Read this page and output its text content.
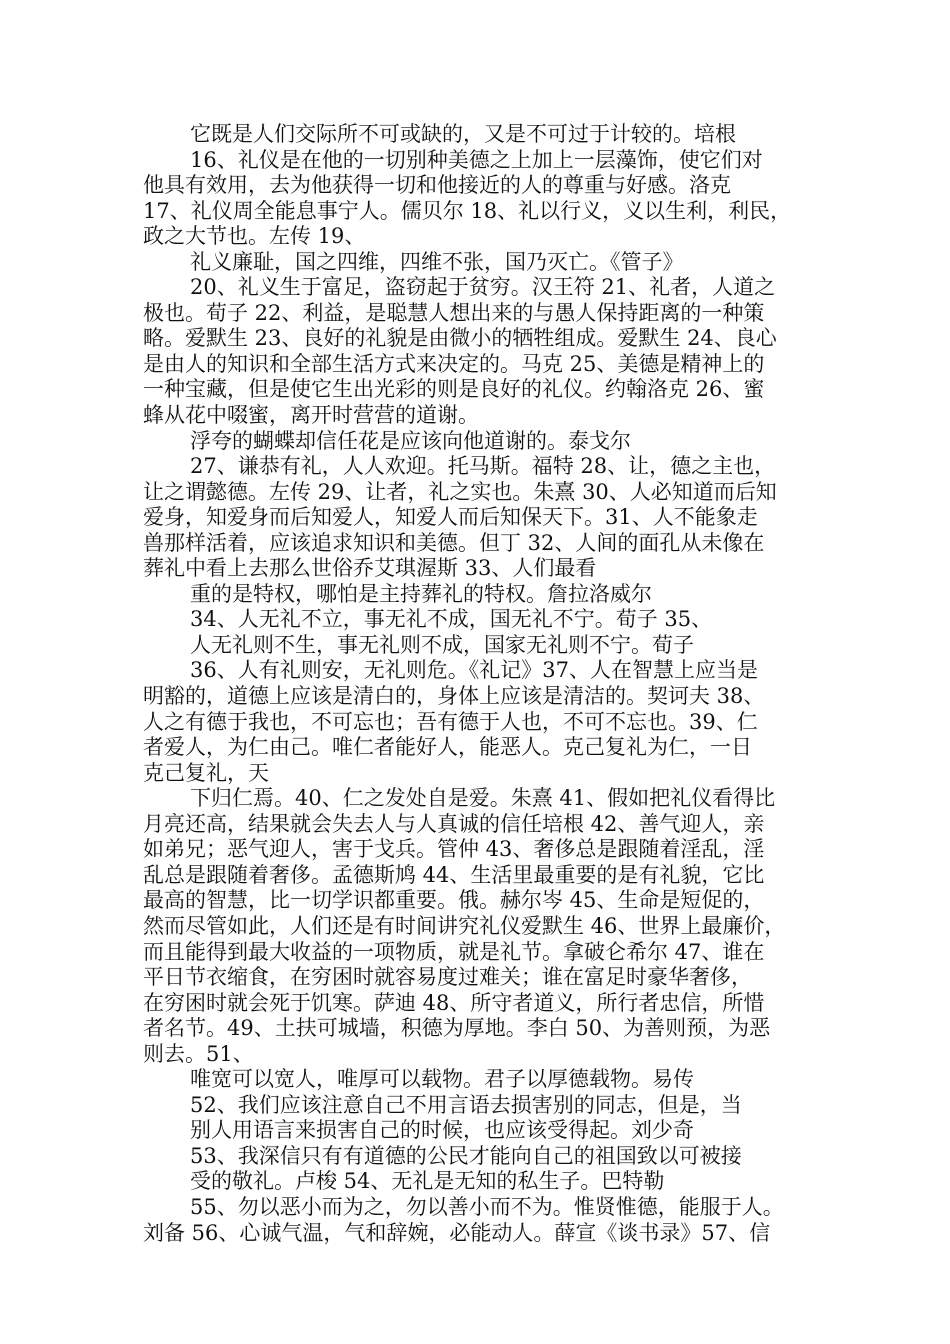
它既是人们交际所不可或缺的，又是不可过于计较的。培根
16、礼仪是在他的一切别种美德之上加上一层藻饰，使它们对
他具有效用，去为他获得一切和他接近的人的尊重与好感。洛克
17、礼仪周全能息事宁人。儒贝尔 18、礼以行义，义以生利，利民，
政之大节也。左传 19、
礼义廉耻，国之四维，四维不张，国乃灭亡。《管子》
20、礼义生于富足，盗窃起于贫穷。汉王符 21、礼者，人道之
极也。荀子 22、利益，是聪慧人想出来的与愚人保持距离的一种策
略。爱默生 23、良好的礼貌是由微小的牺牲组成。爱默生 24、良心
是由人的知识和全部生活方式来决定的。马克 25、美德是精神上的
一种宝藏，但是使它生出光彩的则是良好的礼仪。约翰洛克 26、蜜
蜂从花中啜蜜，离开时营营的道谢。
浮夸的蝴蝶却信任花是应该向他道谢的。泰戈尔
27、谦恭有礼，人人欢迎。托马斯。福特 28、让，德之主也，
让之谓懿德。左传 29、让者，礼之实也。朱熹 30、人必知道而后知
爱身，知爱身而后知爱人，知爱人而后知保天下。31、人不能象走
兽那样活着，应该追求知识和美德。但丁 32、人间的面孔从未像在
葬礼中看上去那么世俗乔艾琪渥斯 33、人们最看
重的是特权，哪怕是主持葬礼的特权。詹拉洛威尔
34、人无礼不立，事无礼不成，国无礼不宁。荀子 35、
人无礼则不生，事无礼则不成，国家无礼则不宁。荀子
36、人有礼则安，无礼则危。《礼记》37、人在智慧上应当是
明豁的，道德上应该是清白的，身体上应该是清洁的。契诃夫 38、
人之有德于我也，不可忘也；吾有德于人也，不可不忘也。39、仁
者爱人，为仁由己。唯仁者能好人，能恶人。克己复礼为仁，一日
克己复礼，天
下归仁焉。40、仁之发处自是爱。朱熹 41、假如把礼仪看得比
月亮还高，结果就会失去人与人真诚的信任培根 42、善气迎人，亲
如弟兄；恶气迎人，害于戈兵。管仲 43、奢侈总是跟随着淫乱，淫
乱总是跟随着奢侈。孟德斯鸠 44、生活里最重要的是有礼貌，它比
最高的智慧，比一切学识都重要。俄。赫尔岑 45、生命是短促的，
然而尽管如此，人们还是有时间讲究礼仪爱默生 46、世界上最廉价，
而且能得到最大收益的一项物质，就是礼节。拿破仑希尔 47、谁在
平日节衣缩食，在穷困时就容易度过难关；谁在富足时豪华奢侈，
在穷困时就会死于饥寒。萨迪 48、所守者道义，所行者忠信，所惜
者名节。49、土扶可城墙，积德为厚地。李白 50、为善则预，为恶
则去。51、
唯宽可以宽人，唯厚可以载物。君子以厚德载物。易传
52、我们应该注意自己不用言语去损害别的同志，但是，当
别人用语言来损害自己的时候，也应该受得起。刘少奇
53、我深信只有有道德的公民才能向自己的祖国致以可被接
受的敬礼。卢梭 54、无礼是无知的私生子。巴特勒
55、勿以恶小而为之，勿以善小而不为。惟贤惟德，能服于人。
刘备 56、心诚气温，气和辞婉，必能动人。薛宣《谈书录》57、信
